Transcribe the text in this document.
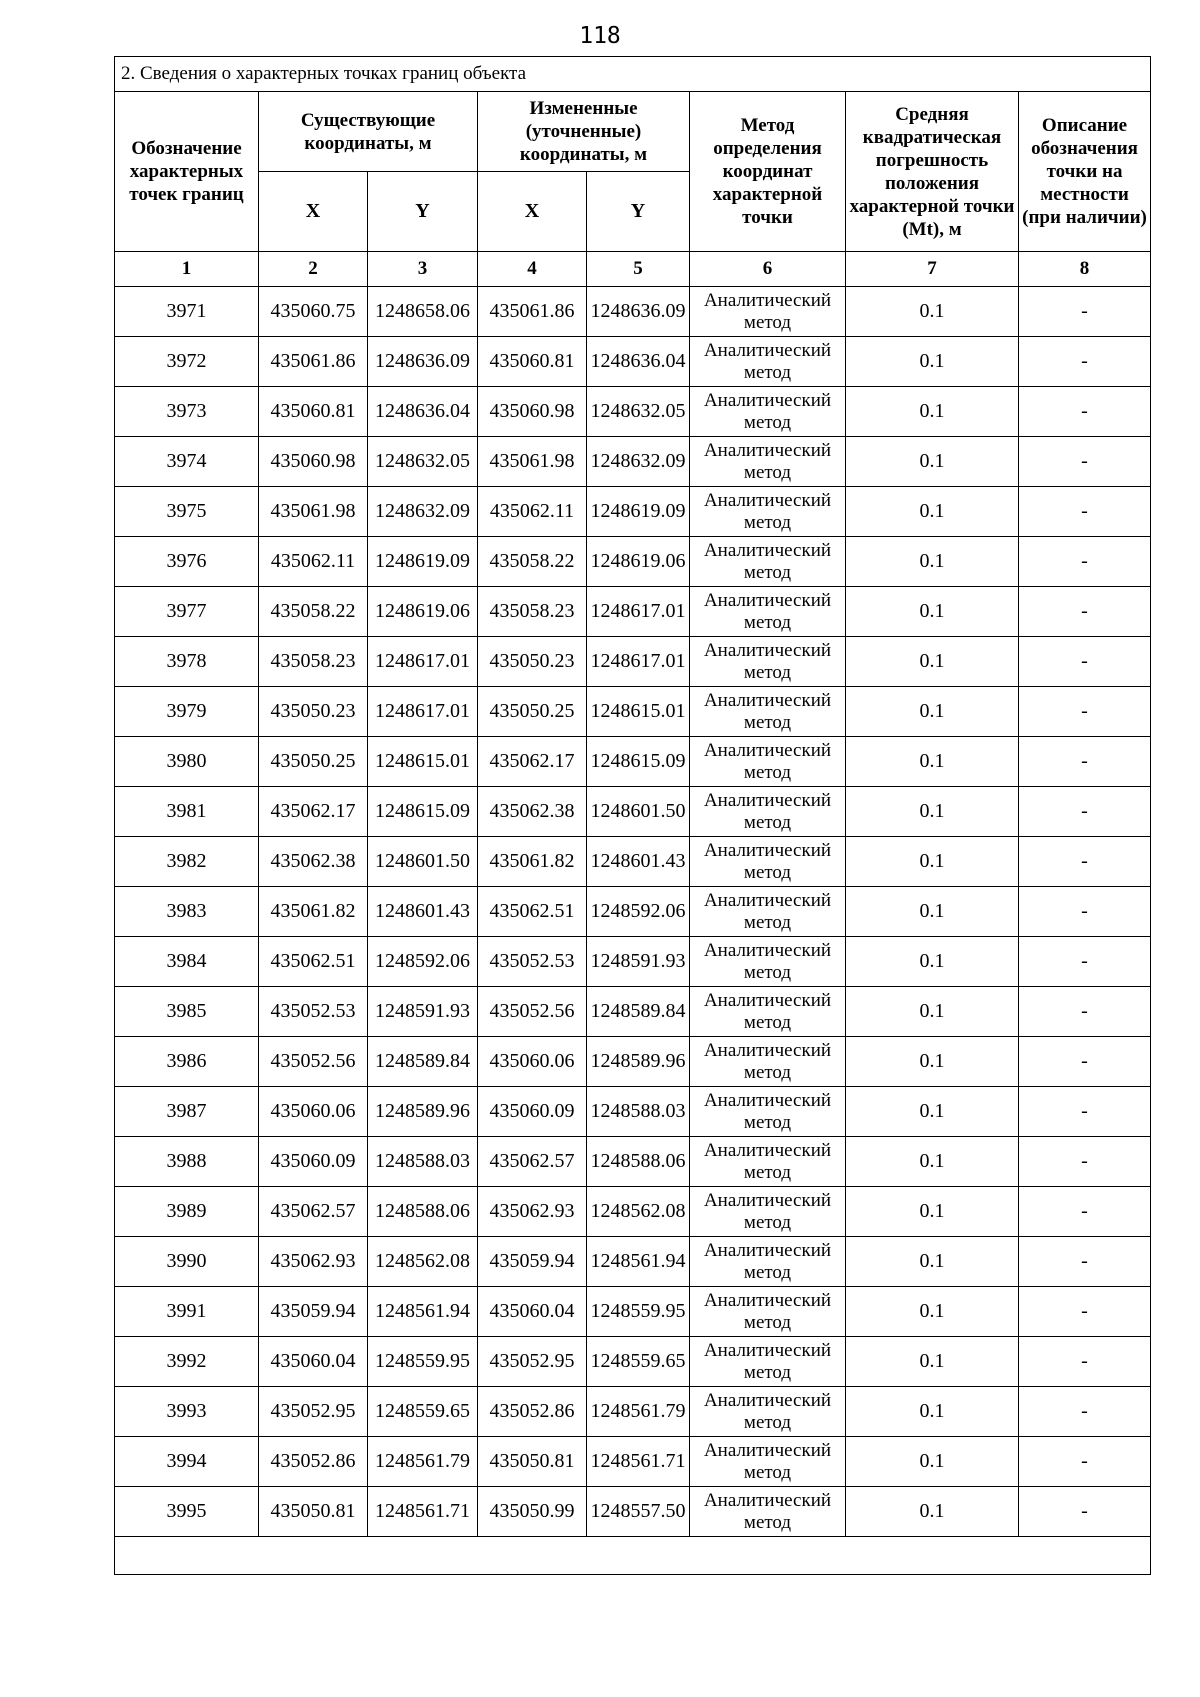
118
2. Сведения о характерных точках границ объекта							
Обозначение характерных точек границ	Существующие координаты, м		Измененные (уточненные) координаты, м		Метод определения координат характерной точки	Средняя квадратическая погрешность положения характерной точки (Mt), м	Описание обозначения точки на местности (при наличии)
	X	Y	X	Y			
1	2	3	4	5	6	7	8
3971	435060.75	1248658.06	435061.86	1248636.09	Аналитический метод	0.1	-
3972	435061.86	1248636.09	435060.81	1248636.04	Аналитический метод	0.1	-
3973	435060.81	1248636.04	435060.98	1248632.05	Аналитический метод	0.1	-
3974	435060.98	1248632.05	435061.98	1248632.09	Аналитический метод	0.1	-
3975	435061.98	1248632.09	435062.11	1248619.09	Аналитический метод	0.1	-
3976	435062.11	1248619.09	435058.22	1248619.06	Аналитический метод	0.1	-
3977	435058.22	1248619.06	435058.23	1248617.01	Аналитический метод	0.1	-
3978	435058.23	1248617.01	435050.23	1248617.01	Аналитический метод	0.1	-
3979	435050.23	1248617.01	435050.25	1248615.01	Аналитический метод	0.1	-
3980	435050.25	1248615.01	435062.17	1248615.09	Аналитический метод	0.1	-
3981	435062.17	1248615.09	435062.38	1248601.50	Аналитический метод	0.1	-
3982	435062.38	1248601.50	435061.82	1248601.43	Аналитический метод	0.1	-
3983	435061.82	1248601.43	435062.51	1248592.06	Аналитический метод	0.1	-
3984	435062.51	1248592.06	435052.53	1248591.93	Аналитический метод	0.1	-
3985	435052.53	1248591.93	435052.56	1248589.84	Аналитический метод	0.1	-
3986	435052.56	1248589.84	435060.06	1248589.96	Аналитический метод	0.1	-
3987	435060.06	1248589.96	435060.09	1248588.03	Аналитический метод	0.1	-
3988	435060.09	1248588.03	435062.57	1248588.06	Аналитический метод	0.1	-
3989	435062.57	1248588.06	435062.93	1248562.08	Аналитический метод	0.1	-
3990	435062.93	1248562.08	435059.94	1248561.94	Аналитический метод	0.1	-
3991	435059.94	1248561.94	435060.04	1248559.95	Аналитический метод	0.1	-
3992	435060.04	1248559.95	435052.95	1248559.65	Аналитический метод	0.1	-
3993	435052.95	1248559.65	435052.86	1248561.79	Аналитический метод	0.1	-
3994	435052.86	1248561.79	435050.81	1248561.71	Аналитический метод	0.1	-
3995	435050.81	1248561.71	435050.99	1248557.50	Аналитический метод	0.1	-
